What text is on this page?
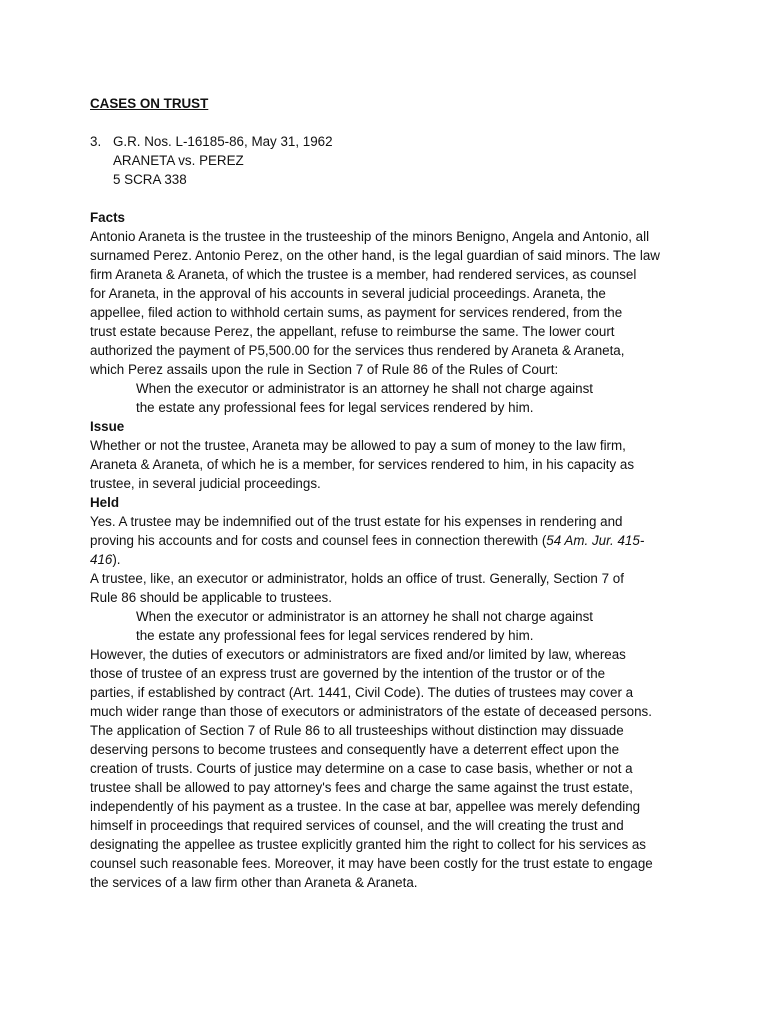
CASES ON TRUST
3. G.R. Nos. L-16185-86, May 31, 1962
ARANETA vs. PEREZ
5 SCRA 338
Facts
Antonio Araneta is the trustee in the trusteeship of the minors Benigno, Angela and Antonio, all
surnamed Perez. Antonio Perez, on the other hand, is the legal guardian of said minors. The law
firm Araneta & Araneta, of which the trustee is a member, had rendered services, as counsel
for Araneta, in the approval of his accounts in several judicial proceedings. Araneta, the
appellee, filed action to withhold certain sums, as payment for services rendered, from the
trust estate because Perez, the appellant, refuse to reimburse the same. The lower court
authorized the payment of P5,500.00 for the services thus rendered by Araneta & Araneta,
which Perez assails upon the rule in Section 7 of Rule 86 of the Rules of Court:
When the executor or administrator is an attorney he shall not charge against
the estate any professional fees for legal services rendered by him.
Issue
Whether or not the trustee, Araneta may be allowed to pay a sum of money to the law firm,
Araneta & Araneta, of which he is a member, for services rendered to him, in his capacity as
trustee, in several judicial proceedings.
Held
Yes. A trustee may be indemnified out of the trust estate for his expenses in rendering and
proving his accounts and for costs and counsel fees in connection therewith (54 Am. Jur. 415-
416).
A trustee, like, an executor or administrator, holds an office of trust. Generally, Section 7 of
Rule 86 should be applicable to trustees.
When the executor or administrator is an attorney he shall not charge against
the estate any professional fees for legal services rendered by him.
However, the duties of executors or administrators are fixed and/or limited by law, whereas
those of trustee of an express trust are governed by the intention of the trustor or of the
parties, if established by contract (Art. 1441, Civil Code). The duties of trustees may cover a
much wider range than those of executors or administrators of the estate of deceased persons.
The application of Section 7 of Rule 86 to all trusteeships without distinction may dissuade
deserving persons to become trustees and consequently have a deterrent effect upon the
creation of trusts. Courts of justice may determine on a case to case basis, whether or not a
trustee shall be allowed to pay attorney's fees and charge the same against the trust estate,
independently of his payment as a trustee. In the case at bar, appellee was merely defending
himself in proceedings that required services of counsel, and the will creating the trust and
designating the appellee as trustee explicitly granted him the right to collect for his services as
counsel such reasonable fees. Moreover, it may have been costly for the trust estate to engage
the services of a law firm other than Araneta & Araneta.
